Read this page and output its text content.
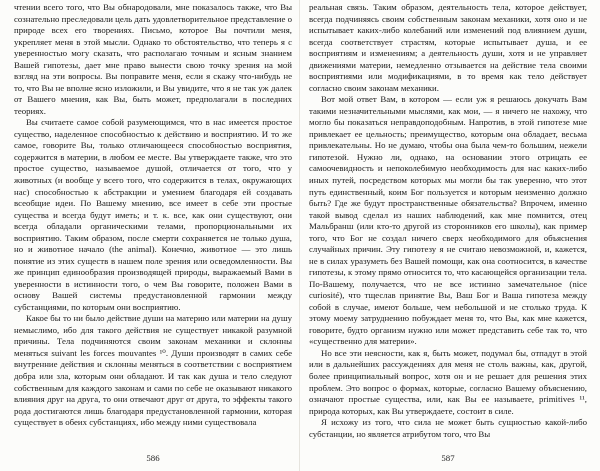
чтении всего того, что Вы обнародовали, мне показалось также, что Вы сознательно преследовали цель дать удовлетворительное представление о природе всех его творениях. Письмо, которое Вы почтили меня, укрепляет меня в этой мысли. Однако то обстоятельство, что теперь я с уверенностью могу сказать, что располагаю точным и ясным знанием Вашей гипотезы, дает мне право вынести свою точку зрения на мой взгляд на эти вопросы. Вы поправите меня, если я скажу что-нибудь не то, что Вы не вполне ясно изложили, и Вы увидите, что я не так уж далек от Вашего мнения, как Вы, быть может, предполагали в последних теориях.

Вы считаете самое собой разумеющимся, что в нас имеется простое существо, наделенное способностью к действию и восприятию. И то же самое, говорите Вы, только отличающееся способностью восприятия, содержится в материи, в любом ее месте. Вы утверждаете также, что это простое существо, называемое душой, отличается от того, что у животных (и вообще у всего того, что содержится в телах, окружающих нас) способностью к абстракции и умением благодаря ей создавать всеобщие идеи. По Вашему мнению, все имеет в себе эти простые существа и всегда будут иметь; и т. к. все, как они существуют, они всегда обладали органическими телами, пропорциональными их восприятию. Таким образом, после смерти сохраняется не только душа, но и животное начало (the animal). Конечно, животное — это лишь понятие из этих существ в нашем поле зрения или осведомленности. Вы же принцип единообразия производящей природы, выражаемый Вами в уверенности в истинности того, о чем Вы говорите, положен Вами в основу Вашей системы предустановленной гармонии между субстанциями, по которым они восприятию.

Какое бы то ни было действие души на материю или материи на душу немыслимо, ибо для такого действия не существует никакой разумной причины. Тела подчиняются своим законам механики и склонны меняться suivant les forces mouvantes ¹⁰. Души производят в самих себе внутренние действия и склонны меняться в соответствии с восприятием добра или зла, которым они обладают. И так как душа и тело следуют собственным для каждого законам и сами по себе не оказывают никакого влияния друг на друга, то они отвечают друг от друга, то эффекты такого рода достигаются лишь благодаря предустановленной гармонии, которая существует в обеих субстанциях, ибо между ними существовала

586

реальная связь. Таким образом, деятельность тела, которое действует, всегда подчиняясь своим собственным законам механики, хотя оно и не испытывает каких-либо колебаний или изменений под влиянием души, всегда соответствует страстям, которые испытывает душа, и ее восприятиям и изменениям; а деятельность души, хотя и не управляет движениями материи, немедленно отзывается на действие тела своими восприятиями или модификациями, в то время как тело действует согласно своим законам механики.

Вот мой ответ Вам, в котором — если уж я решаюсь докучать Вам такими незначительными мыслями, как мои, — я ничего не нахожу, что могло бы показаться неправдоподобным. Напротив, в этой гипотезе мне привлекает ее цельность; преимущество, которым она обладает, весьма привлекательны. Но не думаю, чтобы она была чем-то большим, нежели гипотезой. Нужно ли, однако, на основании этого отрицать ее самоочевидность и непоколебимую необходимость для нас каких-либо иных путей, посредством которых мы могли бы так уверенно, что этот путь единственный, коим Бог пользуется и которым неизменно должно быть? Где же будут пространственные обязательства? Впрочем, именно такой вывод сделал из наших наблюдений, как мне помнится, отец Мальбранш (или кто-то другой из сторонников его школы), как пример того, что Бог не создал ничего сверх необходимого для объяснения случайных причин. Эту гипотезу я не считаю невозможной, и, кажется, не в силах уразуметь без Вашей помощи, как она соотносится, в качестве гипотезы, к этому прямо относится то, что касающейся организации тела. По-Вашему, получается, что не все истинно замечательное (nice curiosité), что тщеслав принятие Вы, Ваш Бог и Ваша гипотеза между собой в случае, имеют больше, чем небольшой и не столько труда. К этому моему затруднению побуждает меня то, что Вы, как мне кажется, говорите, будто организм нужно или может представить себе так то, что «существенно для материи».

Но все эти неясности, как я, быть может, подумал бы, отпадут в этой или в дальнейших рассуждениях для меня не столь важны, как, другой, более принципиальный вопрос, хотя он и не решает для решения этих проблем. Это вопрос о формах, которые, согласно Вашему объяснению, означают простые существа, или, как Вы ее называете, primitives ¹¹, природа которых, как Вы утверждаете, состоит в силе.

Я исхожу из того, что сила не может быть сущностью какой-либо субстанции, но является атрибутом того, что Вы

587
